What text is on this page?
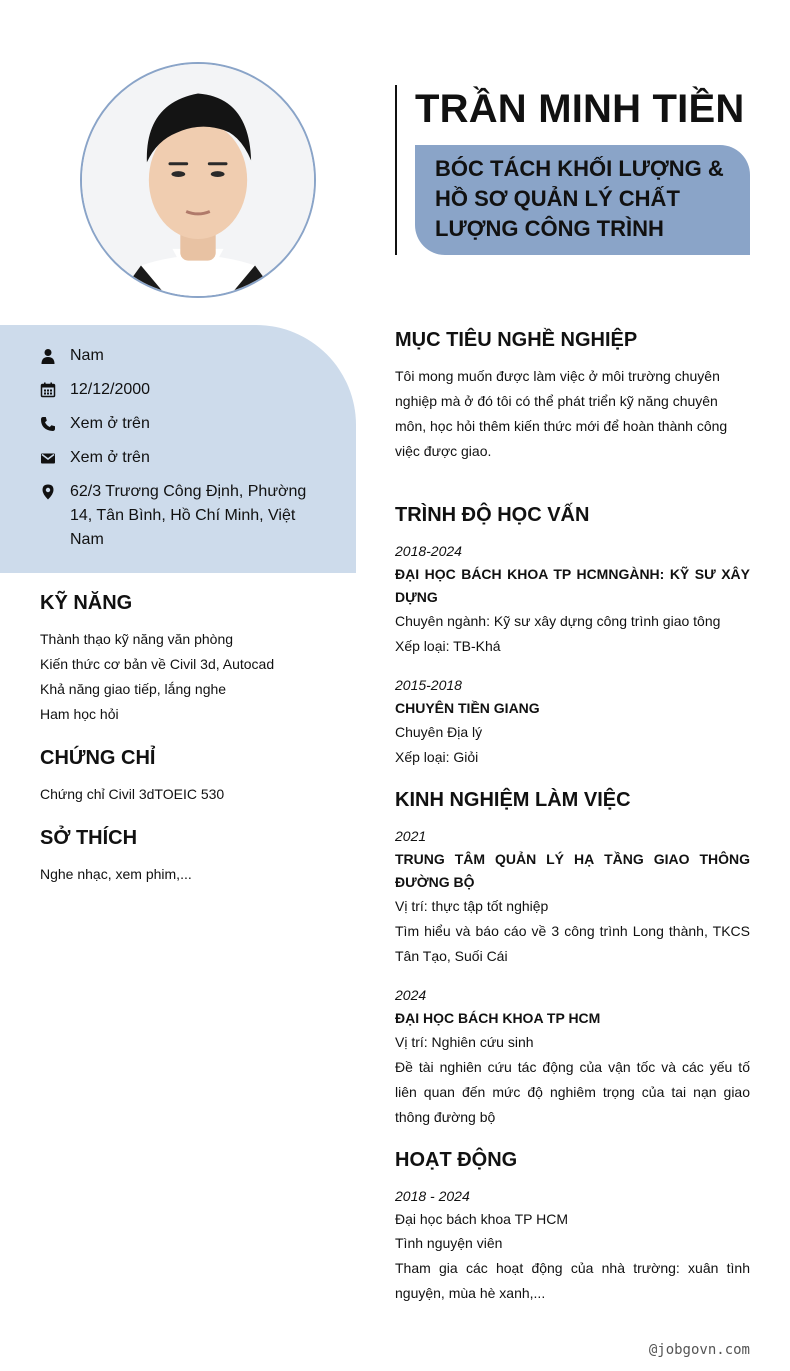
TRẦN MINH TIỀN
BÓC TÁCH KHỐI LƯỢNG &
HỒ SƠ QUẢN LÝ CHẤT
LƯỢNG CÔNG TRÌNH
Nam
12/12/2000
Xem ở trên
Xem ở trên
62/3 Trương Công Định, Phường 14, Tân Bình, Hồ Chí Minh, Việt Nam
KỸ NĂNG
Thành thạo kỹ năng văn phòng
Kiến thức cơ bản về Civil 3d, Autocad
Khả năng giao tiếp, lắng nghe
Ham học hỏi
CHỨNG CHỈ
Chứng chỉ Civil 3dTOEIC 530
SỞ THÍCH
Nghe nhạc, xem phim,...
MỤC TIÊU NGHỀ NGHIỆP
Tôi mong muốn được làm việc ở môi trường chuyên nghiệp mà ở đó tôi có thể phát triển kỹ năng chuyên môn, học hỏi thêm kiến thức mới để hoàn thành công việc được giao.
TRÌNH ĐỘ HỌC VẤN
2018-2024
ĐẠI HỌC BÁCH KHOA TP HCMNGÀNH: KỸ SƯ XÂY DỰNG
Chuyên ngành: Kỹ sư xây dựng công trình giao tông
Xếp loại: TB-Khá
2015-2018
CHUYÊN TIỀN GIANG
Chuyên Địa lý
Xếp loại: Giỏi
KINH NGHIỆM LÀM VIỆC
2021
TRUNG TÂM QUẢN LÝ HẠ TẦNG GIAO THÔNG ĐƯỜNG BỘ
Vị trí: thực tập tốt nghiệp
Tìm hiểu và báo cáo về 3 công trình Long thành, TKCS Tân Tạo, Suối Cái
2024
ĐẠI HỌC BÁCH KHOA TP HCM
Vị trí: Nghiên cứu sinh
Đề tài nghiên cứu tác động của vận tốc và các yếu tố liên quan đến mức độ nghiêm trọng của tai nạn giao thông đường bộ
HOẠT ĐỘNG
2018 - 2024
Đại học bách khoa TP HCM
Tình nguyện viên
Tham gia các hoạt động của nhà trường: xuân tình nguyện, mùa hè xanh,...
@jobgovn.com
